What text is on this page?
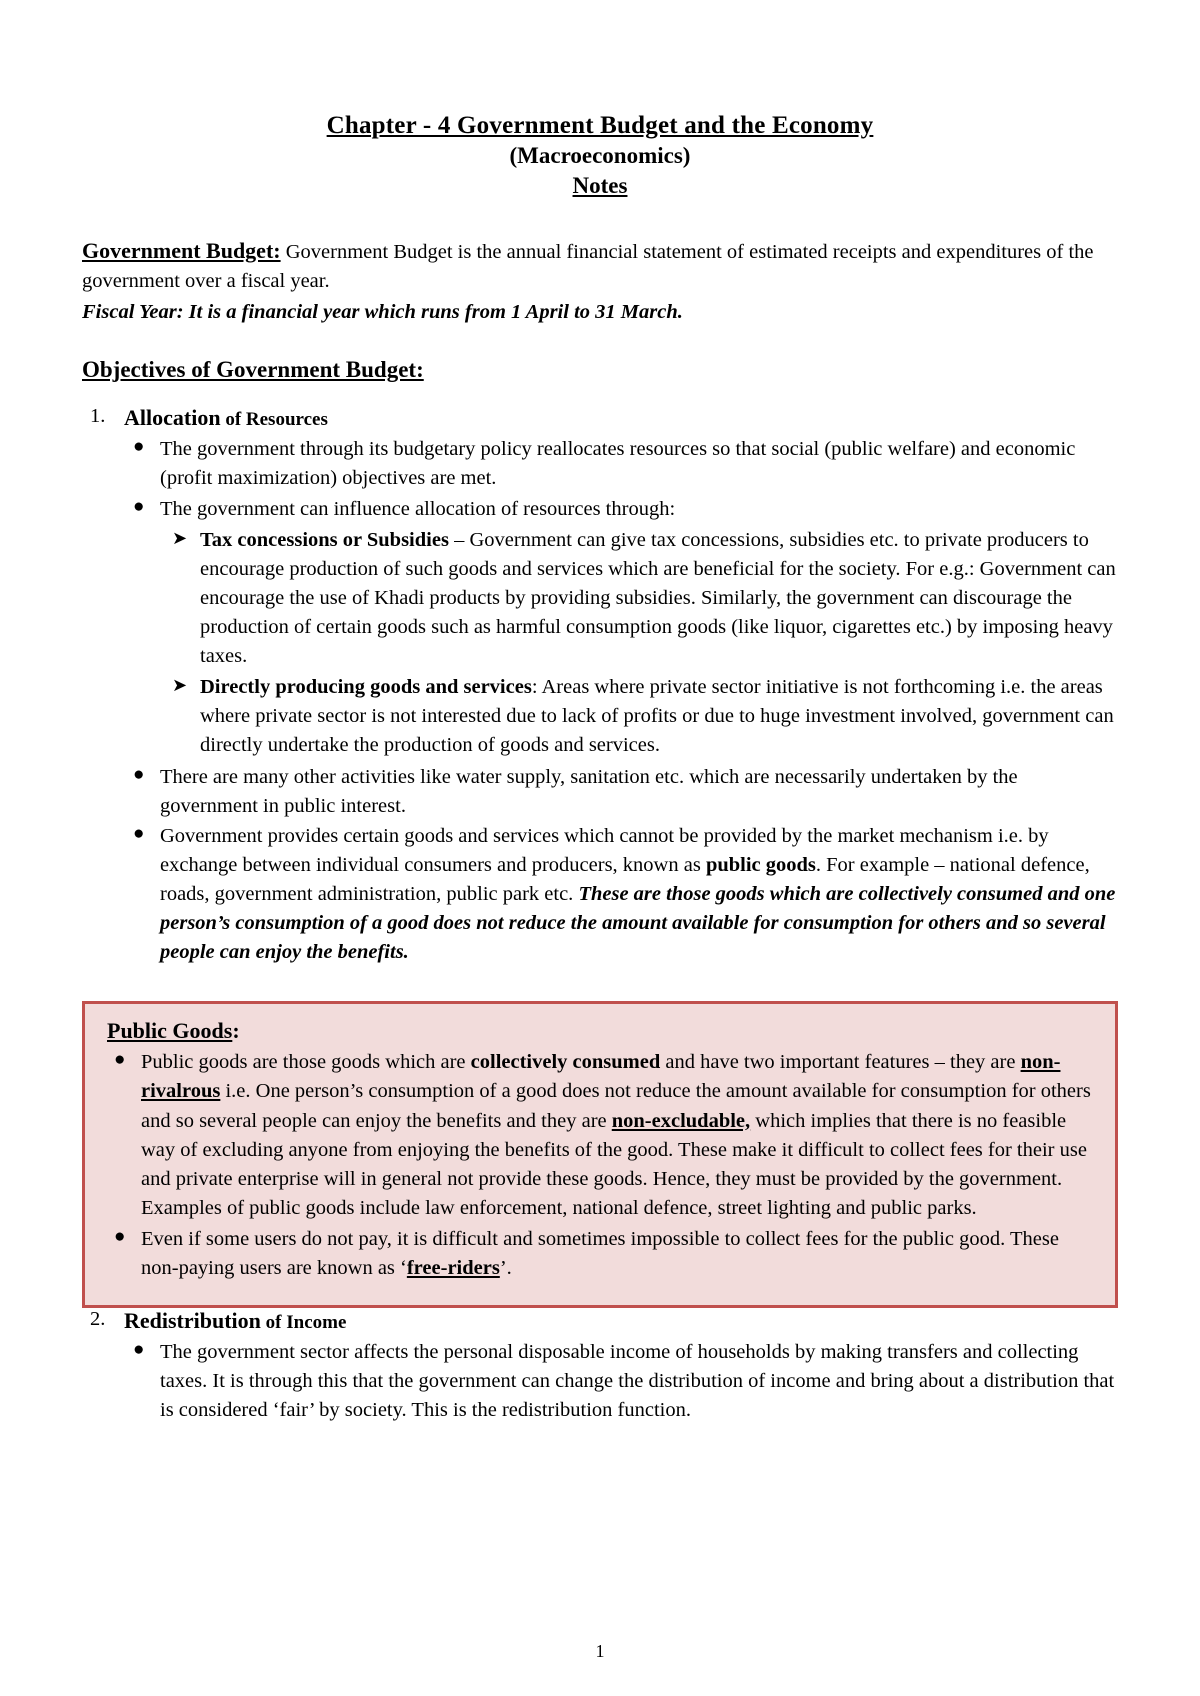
Chapter - 4 Government Budget and the Economy
(Macroeconomics)
Notes

Government Budget: Government Budget is the annual financial statement of estimated receipts and expenditures of the government over a fiscal year.

Fiscal Year: It is a financial year which runs from 1 April to 31 March.

Objectives of Government Budget:
1. Allocation of Resources
● The government through its budgetary policy reallocates resources so that social (public welfare) and economic (profit maximization) objectives are met.
● The government can influence allocation of resources through:
➤ Tax concessions or Subsidies – Government can give tax concessions, subsidies etc. to private producers to encourage production of such goods and services which are beneficial for the society. For e.g.: Government can encourage the use of Khadi products by providing subsidies. Similarly, the government can discourage the production of certain goods such as harmful consumption goods (like liquor, cigarettes etc.) by imposing heavy taxes.
➤ Directly producing goods and services: Areas where private sector initiative is not forthcoming i.e. the areas where private sector is not interested due to lack of profits or due to huge investment involved, government can directly undertake the production of goods and services.
● There are many other activities like water supply, sanitation etc. which are necessarily undertaken by the government in public interest.
● Government provides certain goods and services which cannot be provided by the market mechanism i.e. by exchange between individual consumers and producers, known as public goods. For example – national defence, roads, government administration, public park etc. These are those goods which are collectively consumed and one person’s consumption of a good does not reduce the amount available for consumption for others and so several people can enjoy the benefits.
Public Goods:
● Public goods are those goods which are collectively consumed and have two important features – they are non-rivalrous i.e. One person’s consumption of a good does not reduce the amount available for consumption for others and so several people can enjoy the benefits and they are non-excludable, which implies that there is no feasible way of excluding anyone from enjoying the benefits of the good. These make it difficult to collect fees for their use and private enterprise will in general not provide these goods. Hence, they must be provided by the government. Examples of public goods include law enforcement, national defence, street lighting and public parks.
● Even if some users do not pay, it is difficult and sometimes impossible to collect fees for the public good. These non-paying users are known as ‘free-riders’.
2. Redistribution of Income
● The government sector affects the personal disposable income of households by making transfers and collecting taxes. It is through this that the government can change the distribution of income and bring about a distribution that is considered ‘fair’ by society. This is the redistribution function.
1
